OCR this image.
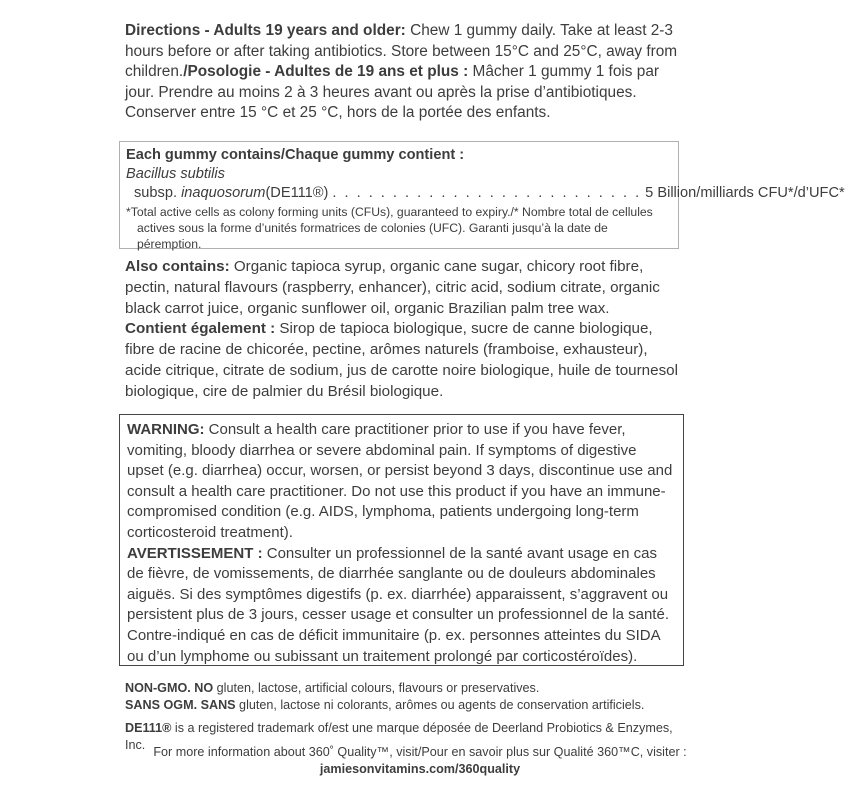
Directions - Adults 19 years and older: Chew 1 gummy daily. Take at least 2-3 hours before or after taking antibiotics. Store between 15°C and 25°C, away from children./Posologie - Adultes de 19 ans et plus : Mâcher 1 gummy 1 fois par jour. Prendre au moins 2 à 3 heures avant ou après la prise d’antibiotiques. Conserver entre 15 °C et 25 °C, hors de la portée des enfants.
Each gummy contains/Chaque gummy contient :
Bacillus subtilis
subsp.
inaquosorum (DE111®) . . . . . . . . . . . . . . . . . . . . . . . . . . 5 Billion/milliards CFU*/d’UFC*
*Total active cells as colony forming units (CFUs), guaranteed to expiry./* Nombre total de cellules
actives sous la forme d’unités formatrices de colonies (UFC). Garanti jusqu’à la date de péremption.
Also contains: Organic tapioca syrup, organic cane sugar, chicory root fibre, pectin, natural flavours (raspberry, enhancer), citric acid, sodium citrate, organic black carrot juice, organic sunflower oil, organic Brazilian palm tree wax.
Contient également : Sirop de tapioca biologique, sucre de canne biologique, fibre de racine de chicorée, pectine, arômes naturels (framboise, exhausteur), acide citrique, citrate de sodium, jus de carotte noire biologique, huile de tournesol biologique, cire de palmier du Brésil biologique.
WARNING: Consult a health care practitioner prior to use if you have fever, vomiting, bloody diarrhea or severe abdominal pain. If symptoms of digestive upset (e.g. diarrhea) occur, worsen, or persist beyond 3 days, discontinue use and consult a health care practitioner. Do not use this product if you have an immune-compromised condition (e.g. AIDS, lymphoma, patients undergoing long-term corticosteroid treatment).
AVERTISSEMENT : Consulter un professionnel de la santé avant usage en cas de fièvre, de vomissements, de diarrhée sanglante ou de douleurs abdominales aiguës. Si des symptômes digestifs (p. ex. diarrhée) apparaissent, s’aggravent ou persistent plus de 3 jours, cesser usage et consulter un professionnel de la santé. Contre-indiqué en cas de déficit immunitaire (p. ex. personnes atteintes du SIDA ou d’un lymphome ou subissant un traitement prolongé par corticostéroïdes).
NON-GMO. NO gluten, lactose, artificial colours, flavours or preservatives.
SANS OGM. SANS gluten, lactose ni colorants, arômes ou agents de conservation artificiels.
DE111® is a registered trademark of/est une marque déposée de Deerland Probiotics & Enzymes, Inc. For more information about 360˚ Quality™, visit/Pour en savoir plus sur Qualité 360™C, visiter :
jamiesonvitamins.com/360quality
